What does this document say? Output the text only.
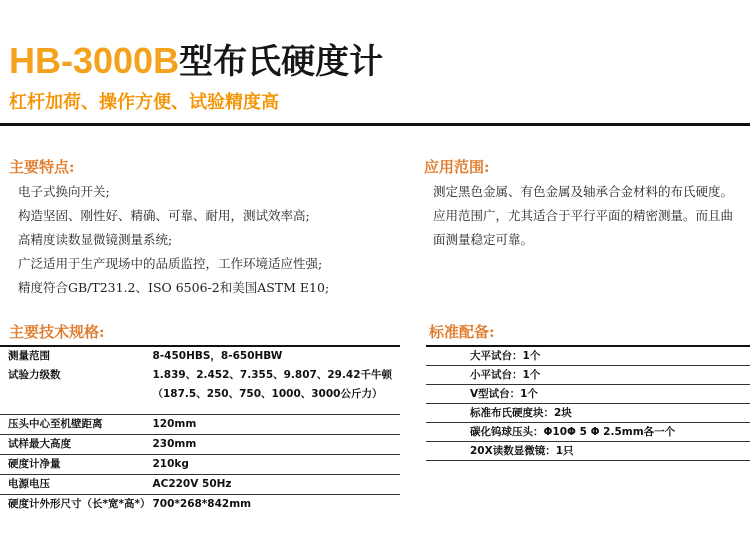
HB-3000B型布氏硬度计
杠杆加荷、操作方便、试验精度高
主要特点:
电子式换向开关;
构造坚固、刚性好、精确、可靠、耐用，测试效率高;
高精度读数显微镜测量系统;
广泛适用于生产现场中的品质监控，工作环境适应性强;
精度符合GB/T231.2、ISO 6506-2和美国ASTM E10;
应用范围:

测定黑色金属、有色金属及轴承合金材料的布氏硬度。应用范围广，尤其适合于平行平面的精密测量。而且曲面测量稳定可靠。

主要技术规格:
测量范围	8-450HBS，8-650HBW
试验力级数	1.839、2.452、7.355、9.807、29.42千牛顿
	（187.5、250、750、1000、3000公斤力）

压头中心至机壁距离	120mm
试样最大高度	230mm
硬度计净量	210kg
电源电压	AC220V 50Hz
硬度计外形尺寸（长*宽*高*）	700*268*842mm
标准配备:
大平试台：1个
小平试台：1个
V型试台：1个
标准布氏硬度块：2块
碳化钨球压头：Φ10Φ 5 Φ 2.5mm各一个
20X读数显微镜：1只
